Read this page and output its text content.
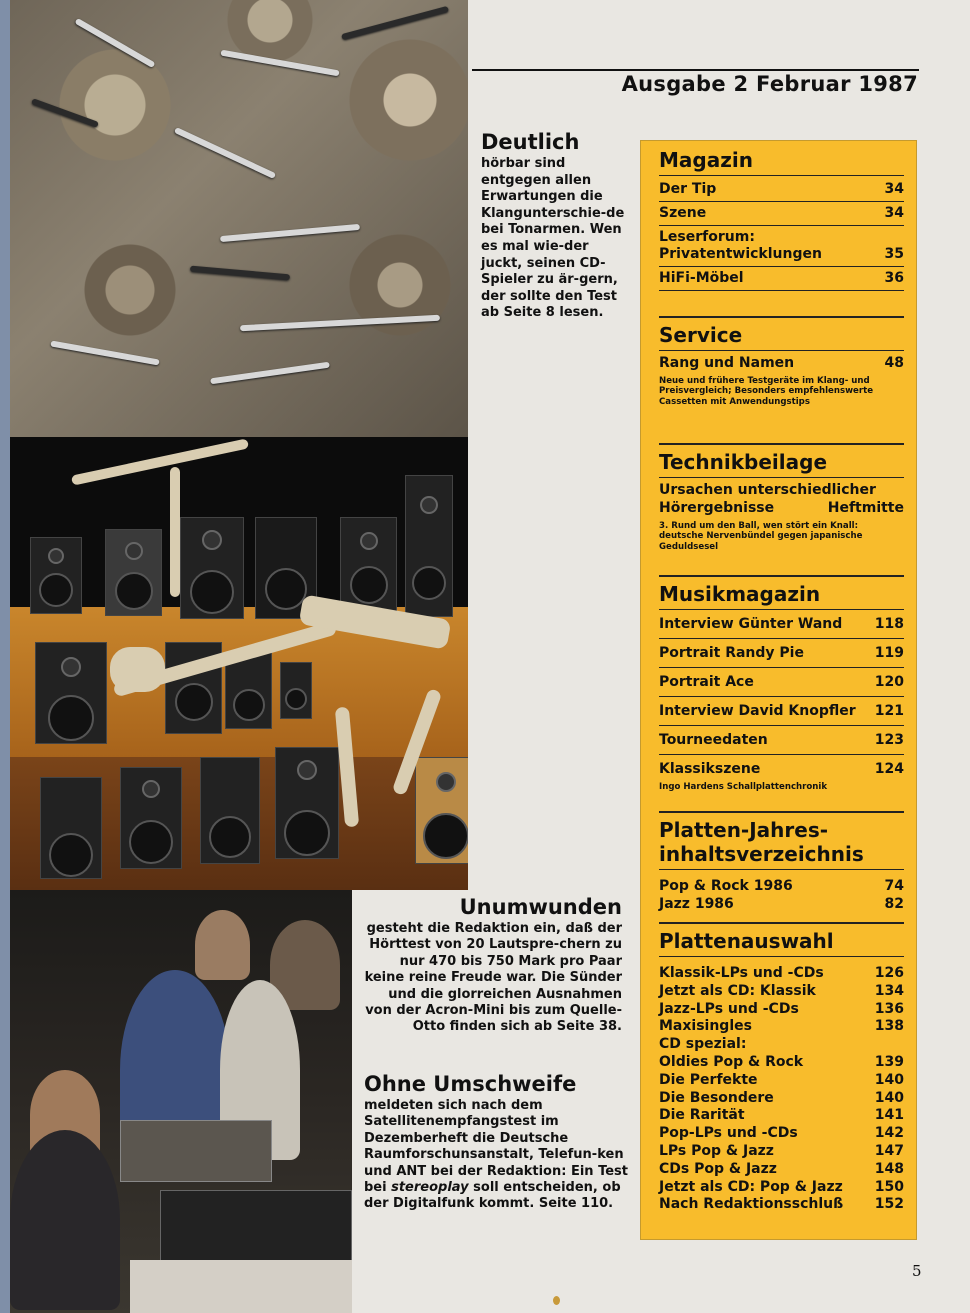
Ausgabe 2 Februar 1987
Deutlich
hörbar sind entgegen allen Erwartungen die Klangunterschie-de bei Tonarmen. Wen es mal wie-der juckt, seinen CD-Spieler zu är-gern, der sollte den Test ab Seite 8 lesen.
Unumwunden
gesteht die Redaktion ein, daß der Hörttest von 20 Lautspre-chern zu nur 470 bis 750 Mark pro Paar keine reine Freude war. Die Sünder und die glorreichen Ausnahmen von der Acron-Mini bis zum Quelle-Otto finden sich ab Seite 38.
Ohne Umschweife
meldeten sich nach dem Satellitenempfangstest im Dezemberheft die Deutsche Raumforschunsanstalt, Telefun-ken und ANT bei der Redaktion: Ein Test bei stereoplay soll entscheiden, ob der Digitalfunk kommt. Seite 110.
Magazin
Der Tip	34
Szene	34
Leserforum:
Privatentwicklungen	35
HiFi-Möbel	36
Service
Rang und Namen	48
Neue und frühere Testgeräte im Klang- und Preisvergleich; Besonders empfehlenswerte Cassetten mit Anwendungstips
Technikbeilage
Ursachen unterschiedlicher
Hörergebnisse	Heftmitte
3. Rund um den Ball, wen stört ein Knall: deutsche Nervenbündel gegen japanische Geduldsesel
Musikmagazin
Interview Günter Wand 118
Portrait Randy Pie	119
Portrait Ace	120
Interview David Knopfler 121
Tourneedaten	123
Klassikszene	124
Ingo Hardens Schallplattenchronik
Platten-Jahres-
inhaltsverzeichnis
Pop & Rock 1986	74
Jazz 1986	82
Plattenauswahl
Klassik-LPs und -CDs	126
Jetzt als CD: Klassik	134
Jazz-LPs und -CDs	136
Maxisingles	138
CD spezial:
Oldies Pop & Rock	139
Die Perfekte	140
Die Besondere	140
Die Rarität	141
Pop-LPs und -CDs	142
LPs Pop & Jazz	147
CDs Pop & Jazz	148
Jetzt als CD: Pop & Jazz 150
Nach Redaktionsschluß 152
5
